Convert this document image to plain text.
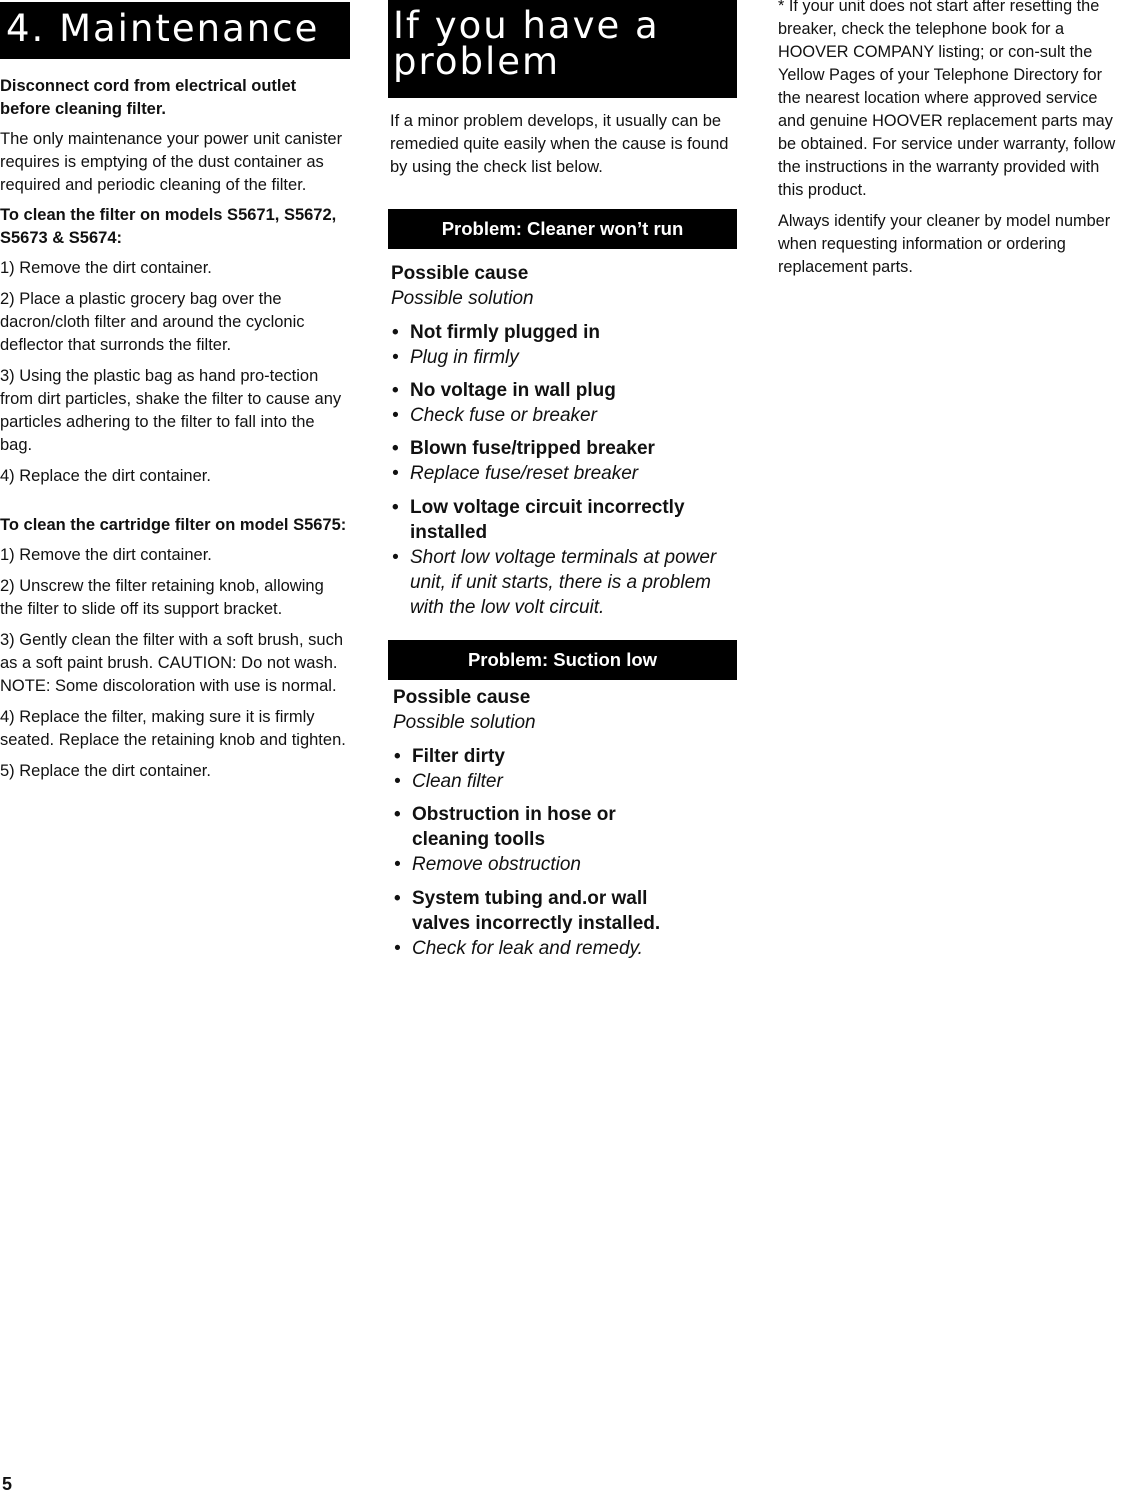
4. Maintenance

Disconnect cord from electrical outlet before cleaning filter.

The only maintenance your power unit canister requires is emptying of the dust container as required and periodic cleaning of the filter.

To clean the filter on models S5671, S5672, S5673 & S5674:

1) Remove the dirt container.

2) Place a plastic grocery bag over the dacron/cloth filter and around the cyclonic deflector that surronds the filter.

3) Using the plastic bag as hand pro-tection from dirt particles, shake the filter to cause any particles adhering to the filter to fall into the bag.

4) Replace the dirt container.

To clean the cartridge filter on model S5675:

1) Remove the dirt container.

2) Unscrew the filter retaining knob, allowing the filter to slide off its support bracket.

3) Gently clean the filter with a soft brush, such as a soft paint brush. CAUTION: Do not wash. NOTE: Some discoloration with use is normal.

4) Replace the filter, making sure it is firmly seated. Replace the retaining knob and tighten.

5) Replace the dirt container.

If you have a problem

If a minor problem develops, it usually can be remedied quite easily when the cause is found by using the check list below.

Problem: Cleaner won’t run
Possible cause
Possible solution
• Not firmly plugged in
• Plug in firmly
• No voltage in wall plug
• Check fuse or breaker
• Blown fuse/tripped breaker
• Replace fuse/reset breaker
• Low voltage circuit incorrectly installed
• Short low voltage terminals at power unit, if unit starts, there is a problem with the low volt circuit.
Problem: Suction low
Possible cause
Possible solution
• Filter dirty
• Clean filter
• Obstruction in hose or cleaning toolls
• Remove obstruction
• System tubing and.or wall valves incorrectly installed.
• Check for leak and remedy.

* If your unit does not start after resetting the breaker, check the telephone book for a HOOVER COMPANY listing; or con-sult the Yellow Pages of your Telephone Directory for the nearest location where approved service and genuine HOOVER replacement parts may be obtained. For service under warranty, follow the instructions in the warranty provided with this product.

Always identify your cleaner by model number when requesting information or ordering replacement parts.

5
